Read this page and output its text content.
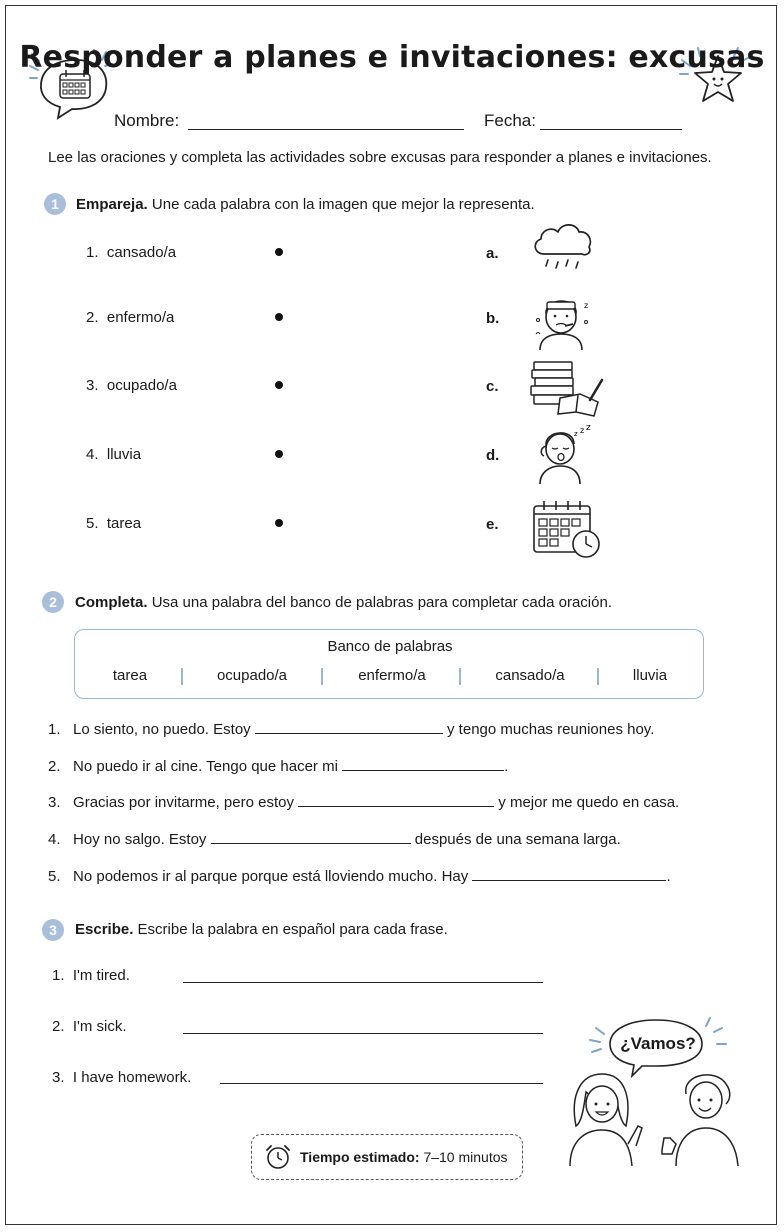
Responder a planes e invitaciones: excusas
Nombre:	Fecha:
Lee las oraciones y completa las actividades sobre excusas para responder a planes e invitaciones.
1	Empareja. Une cada palabra con la imagen que mejor la representa.
1. cansado/a
2. enfermo/a
3. ocupado/a
4. lluvia
5. tarea
a.
b.
c.
d.
e.
z
z z z
2	Completa. Usa una palabra del banco de palabras para completar cada oración.
Banco de palabras
tarea	ocupado/a	enfermo/a	cansado/a	lluvia
1. Lo siento, no puedo. Estoy	y tengo muchas reuniones hoy.
2. No puedo ir al cine. Tengo que hacer mi	.
3. Gracias por invitarme, pero estoy	y mejor me quedo en casa.
4. Hoy no salgo. Estoy	después de una semana larga.
5. No podemos ir al parque porque está lloviendo mucho. Hay	.
3	Escribe. Escribe la palabra en español para cada frase.
1. I'm tired.
2. I'm sick.
3. I have homework.
¿Vamos?
Tiempo estimado: 7–10 minutos
